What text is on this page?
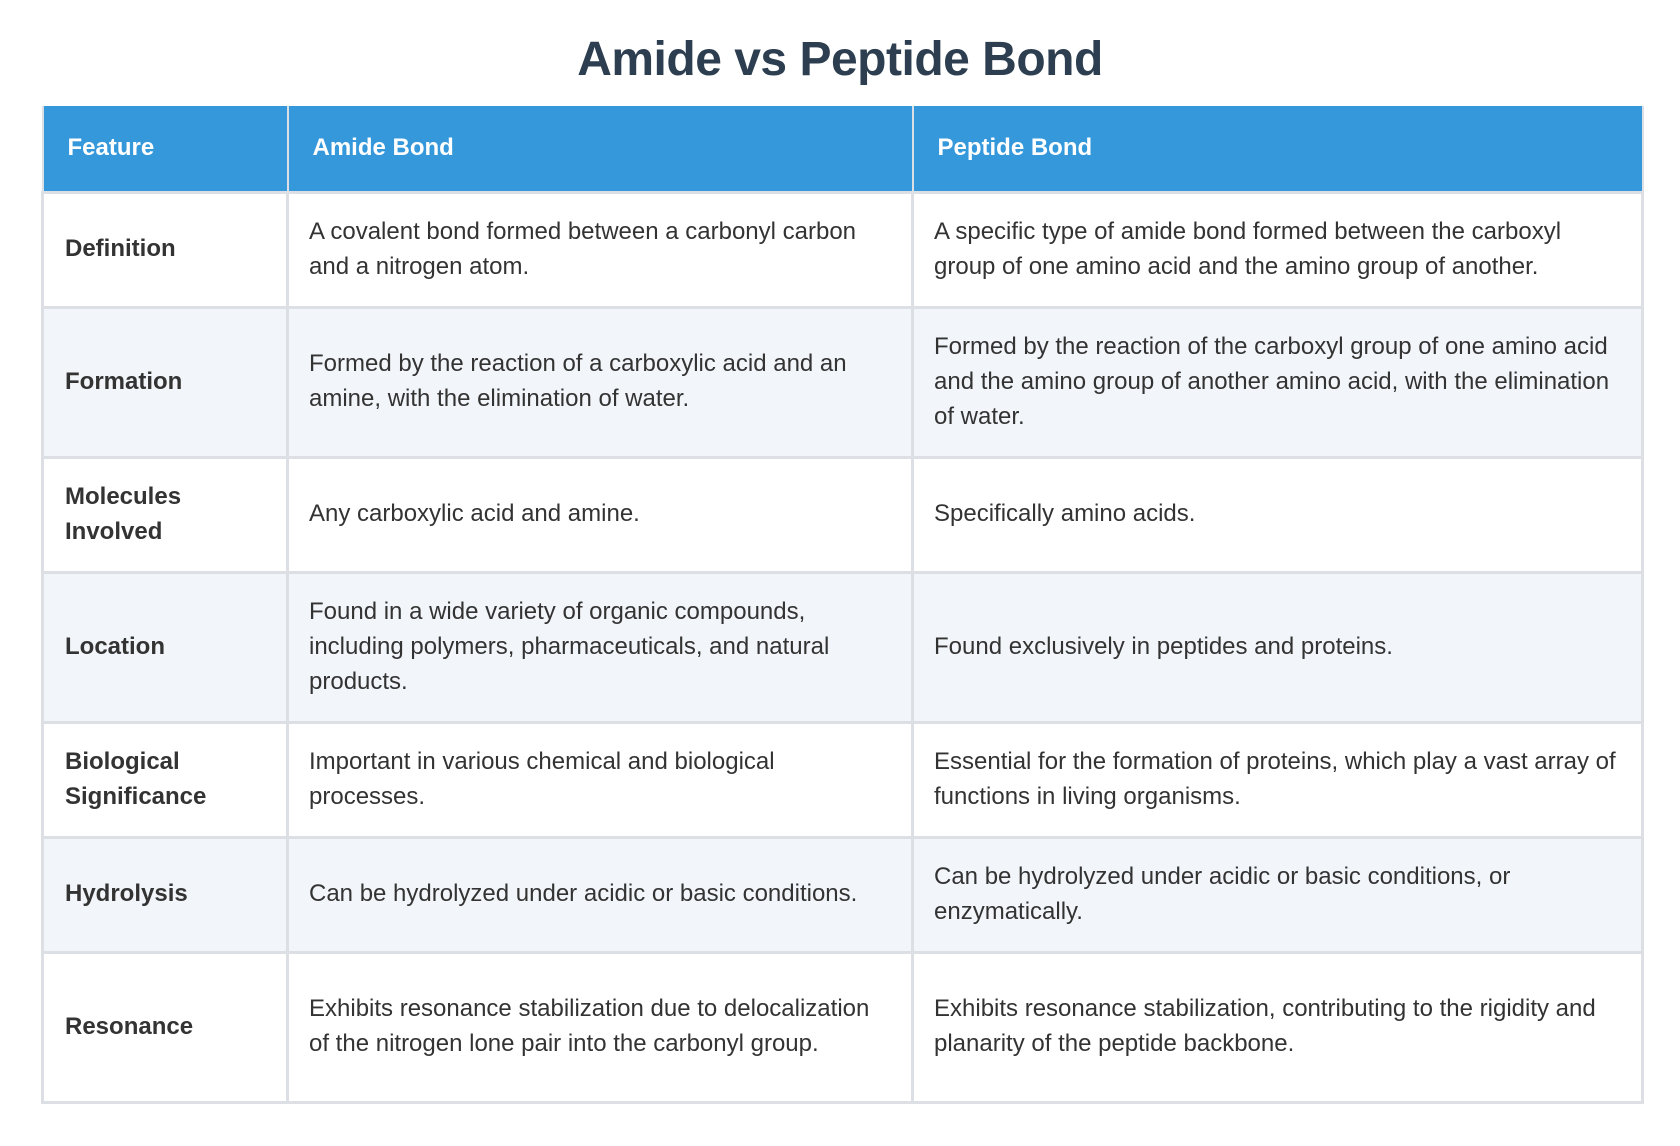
Amide vs Peptide Bond
Feature	Amide Bond	Peptide Bond
Definition	A covalent bond formed between a carbonyl carbon and a nitrogen atom.	A specific type of amide bond formed between the carboxyl group of one amino acid and the amino group of another.
Formation	Formed by the reaction of a carboxylic acid and an amine, with the elimination of water.	Formed by the reaction of the carboxyl group of one amino acid and the amino group of another amino acid, with the elimination of water.
Molecules Involved	Any carboxylic acid and amine.	Specifically amino acids.
Location	Found in a wide variety of organic compounds, including polymers, pharmaceuticals, and natural products.	Found exclusively in peptides and proteins.
Biological Significance	Important in various chemical and biological processes.	Essential for the formation of proteins, which play a vast array of functions in living organisms.
Hydrolysis	Can be hydrolyzed under acidic or basic conditions.	Can be hydrolyzed under acidic or basic conditions, or enzymatically.
Resonance	Exhibits resonance stabilization due to delocalization of the nitrogen lone pair into the carbonyl group.	Exhibits resonance stabilization, contributing to the rigidity and planarity of the peptide backbone.
